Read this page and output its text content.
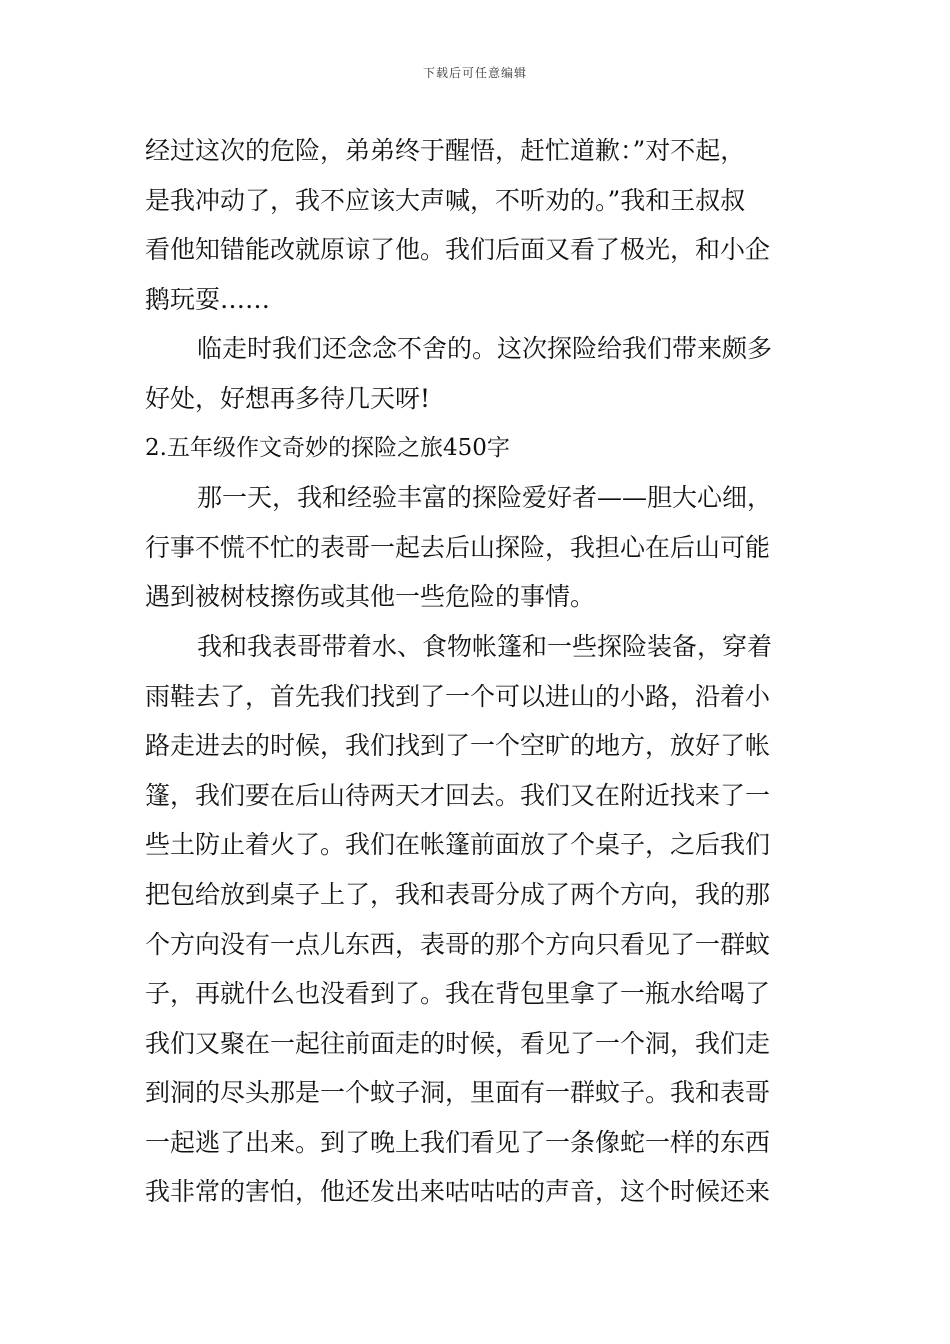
下载后可任意编辑
经过这次的危险，弟弟终于醒悟，赶忙道歉：”对不起，
是我冲动了，我不应该大声喊，不听劝的。”我和王叔叔
看他知错能改就原谅了他。我们后面又看了极光，和小企
鹅玩耍……
临走时我们还念念不舍的。这次探险给我们带来颇多
好处，好想再多待几天呀!
2.五年级作文奇妙的探险之旅450字
那一天，我和经验丰富的探险爱好者——胆大心细，
行事不慌不忙的表哥一起去后山探险，我担心在后山可能
遇到被树枝擦伤或其他一些危险的事情。
我和我表哥带着水、食物帐篷和一些探险装备，穿着
雨鞋去了，首先我们找到了一个可以进山的小路，沿着小
路走进去的时候，我们找到了一个空旷的地方，放好了帐
篷，我们要在后山待两天才回去。我们又在附近找来了一
些土防止着火了。我们在帐篷前面放了个桌子，之后我们
把包给放到桌子上了，我和表哥分成了两个方向，我的那
个方向没有一点儿东西，表哥的那个方向只看见了一群蚊
子，再就什么也没看到了。我在背包里拿了一瓶水给喝了
我们又聚在一起往前面走的时候，看见了一个洞，我们走
到洞的尽头那是一个蚊子洞，里面有一群蚊子。我和表哥
一起逃了出来。到了晚上我们看见了一条像蛇一样的东西
我非常的害怕，他还发出来咕咕咕的声音，这个时候还来
